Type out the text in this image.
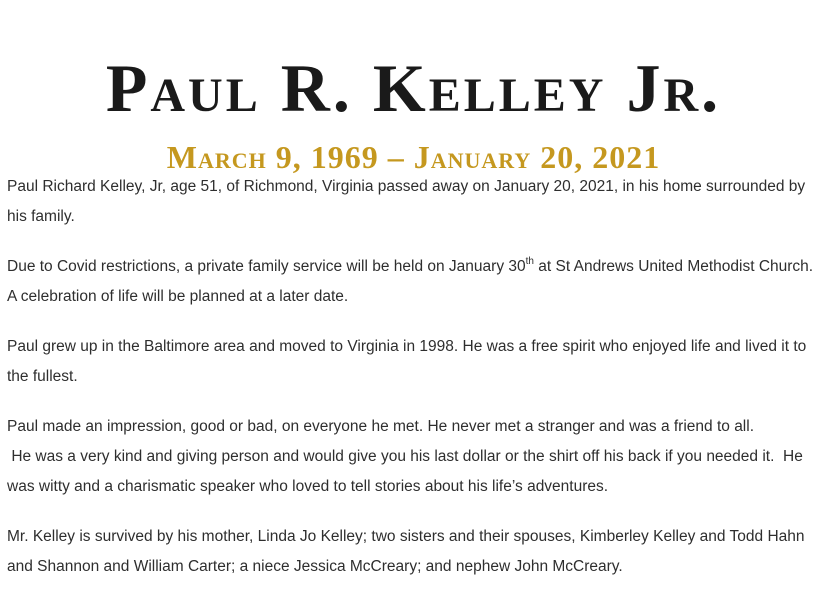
Paul R. Kelley Jr.
March 9, 1969 – January 20, 2021

Paul Richard Kelley, Jr, age 51, of Richmond, Virginia passed away on January 20, 2021, in his home surrounded by his family.

Due to Covid restrictions, a private family service will be held on January 30th at St Andrews United Methodist Church. A celebration of life will be planned at a later date.

Paul grew up in the Baltimore area and moved to Virginia in 1998. He was a free spirit who enjoyed life and lived it to the fullest.

Paul made an impression, good or bad, on everyone he met. He never met a stranger and was a friend to all.
He was a very kind and giving person and would give you his last dollar or the shirt off his back if you needed it.  He was witty and a charismatic speaker who loved to tell stories about his life’s adventures.

Mr. Kelley is survived by his mother, Linda Jo Kelley; two sisters and their spouses, Kimberley Kelley and Todd Hahn and Shannon and William Carter; a niece Jessica McCreary; and nephew John McCreary.
